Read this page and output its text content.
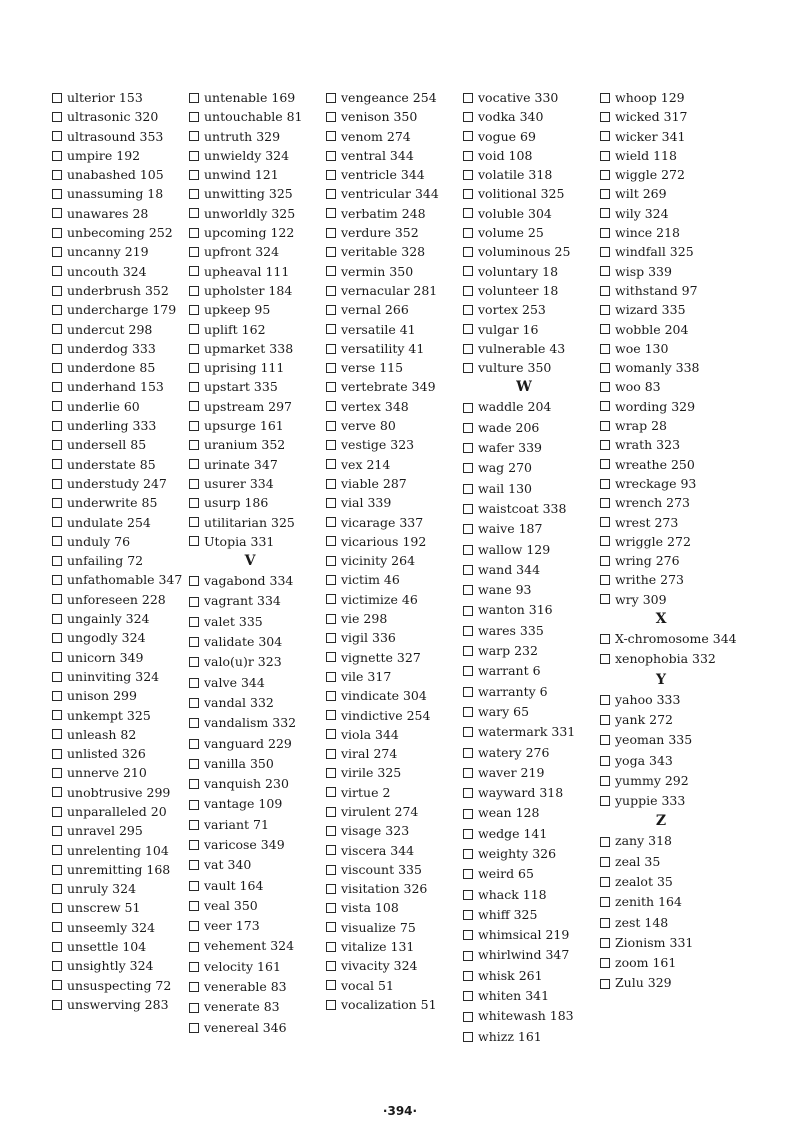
ulterior 153
ultrasonic 320
ultrasound 353
umpire 192
unabashed 105
unassuming 18
unawares 28
unbecoming 252
uncanny 219
uncouth 324
underbrush 352
undercharge 179
undercut 298
underdog 333
underdone 85
underhand 153
underlie 60
underling 333
undersell 85
understate 85
understudy 247
underwrite 85
undulate 254
unduly 76
unfailing 72
unfathomable 347
unforeseen 228
ungainly 324
ungodly 324
unicorn 349
uninviting 324
unison 299
unkempt 325
unleash 82
unlisted 326
unnerve 210
unobtrusive 299
unparalleled 20
unravel 295
unrelenting 104
unremitting 168
unruly 324
unscrew 51
unseemly 324
unsettle 104
unsightly 324
unsuspecting 72
unswerving 283
untenable 169
untouchable 81
untruth 329
unwieldy 324
unwind 121
unwitting 325
unworldly 325
upcoming 122
upfront 324
upheaval 111
upholster 184
upkeep 95
uplift 162
upmarket 338
uprising 111
upstart 335
upstream 297
upsurge 161
uranium 352
urinate 347
usurer 334
usurp 186
utilitarian 325
Utopia 331
V
vagabond 334
vagrant 334
valet 335
validate 304
valo(u)r 323
valve 344
vandal 332
vandalism 332
vanguard 229
vanilla 350
vanquish 230
vantage 109
variant 71
varicose 349
vat 340
vault 164
veal 350
veer 173
vehement 324
velocity 161
venerable 83
venerate 83
venereal 346
vengeance 254
venison 350
venom 274
ventral 344
ventricle 344
ventricular 344
verbatim 248
verdure 352
veritable 328
vermin 350
vernacular 281
vernal 266
versatile 41
versatility 41
verse 115
vertebrate 349
vertex 348
verve 80
vestige 323
vex 214
viable 287
vial 339
vicarage 337
vicarious 192
vicinity 264
victim 46
victimize 46
vie 298
vigil 336
vignette 327
vile 317
vindicate 304
vindictive 254
viola 344
viral 274
virile 325
virtue 2
virulent 274
visage 323
viscera 344
viscount 335
visitation 326
vista 108
visualize 75
vitalize 131
vivacity 324
vocal 51
vocalization 51
vocative 330
vodka 340
vogue 69
void 108
volatile 318
volitional 325
voluble 304
volume 25
voluminous 25
voluntary 18
volunteer 18
vortex 253
vulgar 16
vulnerable 43
vulture 350
W
waddle 204
wade 206
wafer 339
wag 270
wail 130
waistcoat 338
waive 187
wallow 129
wand 344
wane 93
wanton 316
wares 335
warp 232
warrant 6
warranty 6
wary 65
watermark 331
watery 276
waver 219
wayward 318
wean 128
wedge 141
weighty 326
weird 65
whack 118
whiff 325
whimsical 219
whirlwind 347
whisk 261
whiten 341
whitewash 183
whizz 161
whoop 129
wicked 317
wicker 341
wield 118
wiggle 272
wilt 269
wily 324
wince 218
windfall 325
wisp 339
withstand 97
wizard 335
wobble 204
woe 130
womanly 338
woo 83
wording 329
wrap 28
wrath 323
wreathe 250
wreckage 93
wrench 273
wrest 273
wriggle 272
wring 276
writhe 273
wry 309
X
X-chromosome 344
xenophobia 332
Y
yahoo 333
yank 272
yeoman 335
yoga 343
yummy 292
yuppie 333
Z
zany 318
zeal 35
zealot 35
zenith 164
zest 148
Zionism 331
zoom 161
Zulu 329
·394·
